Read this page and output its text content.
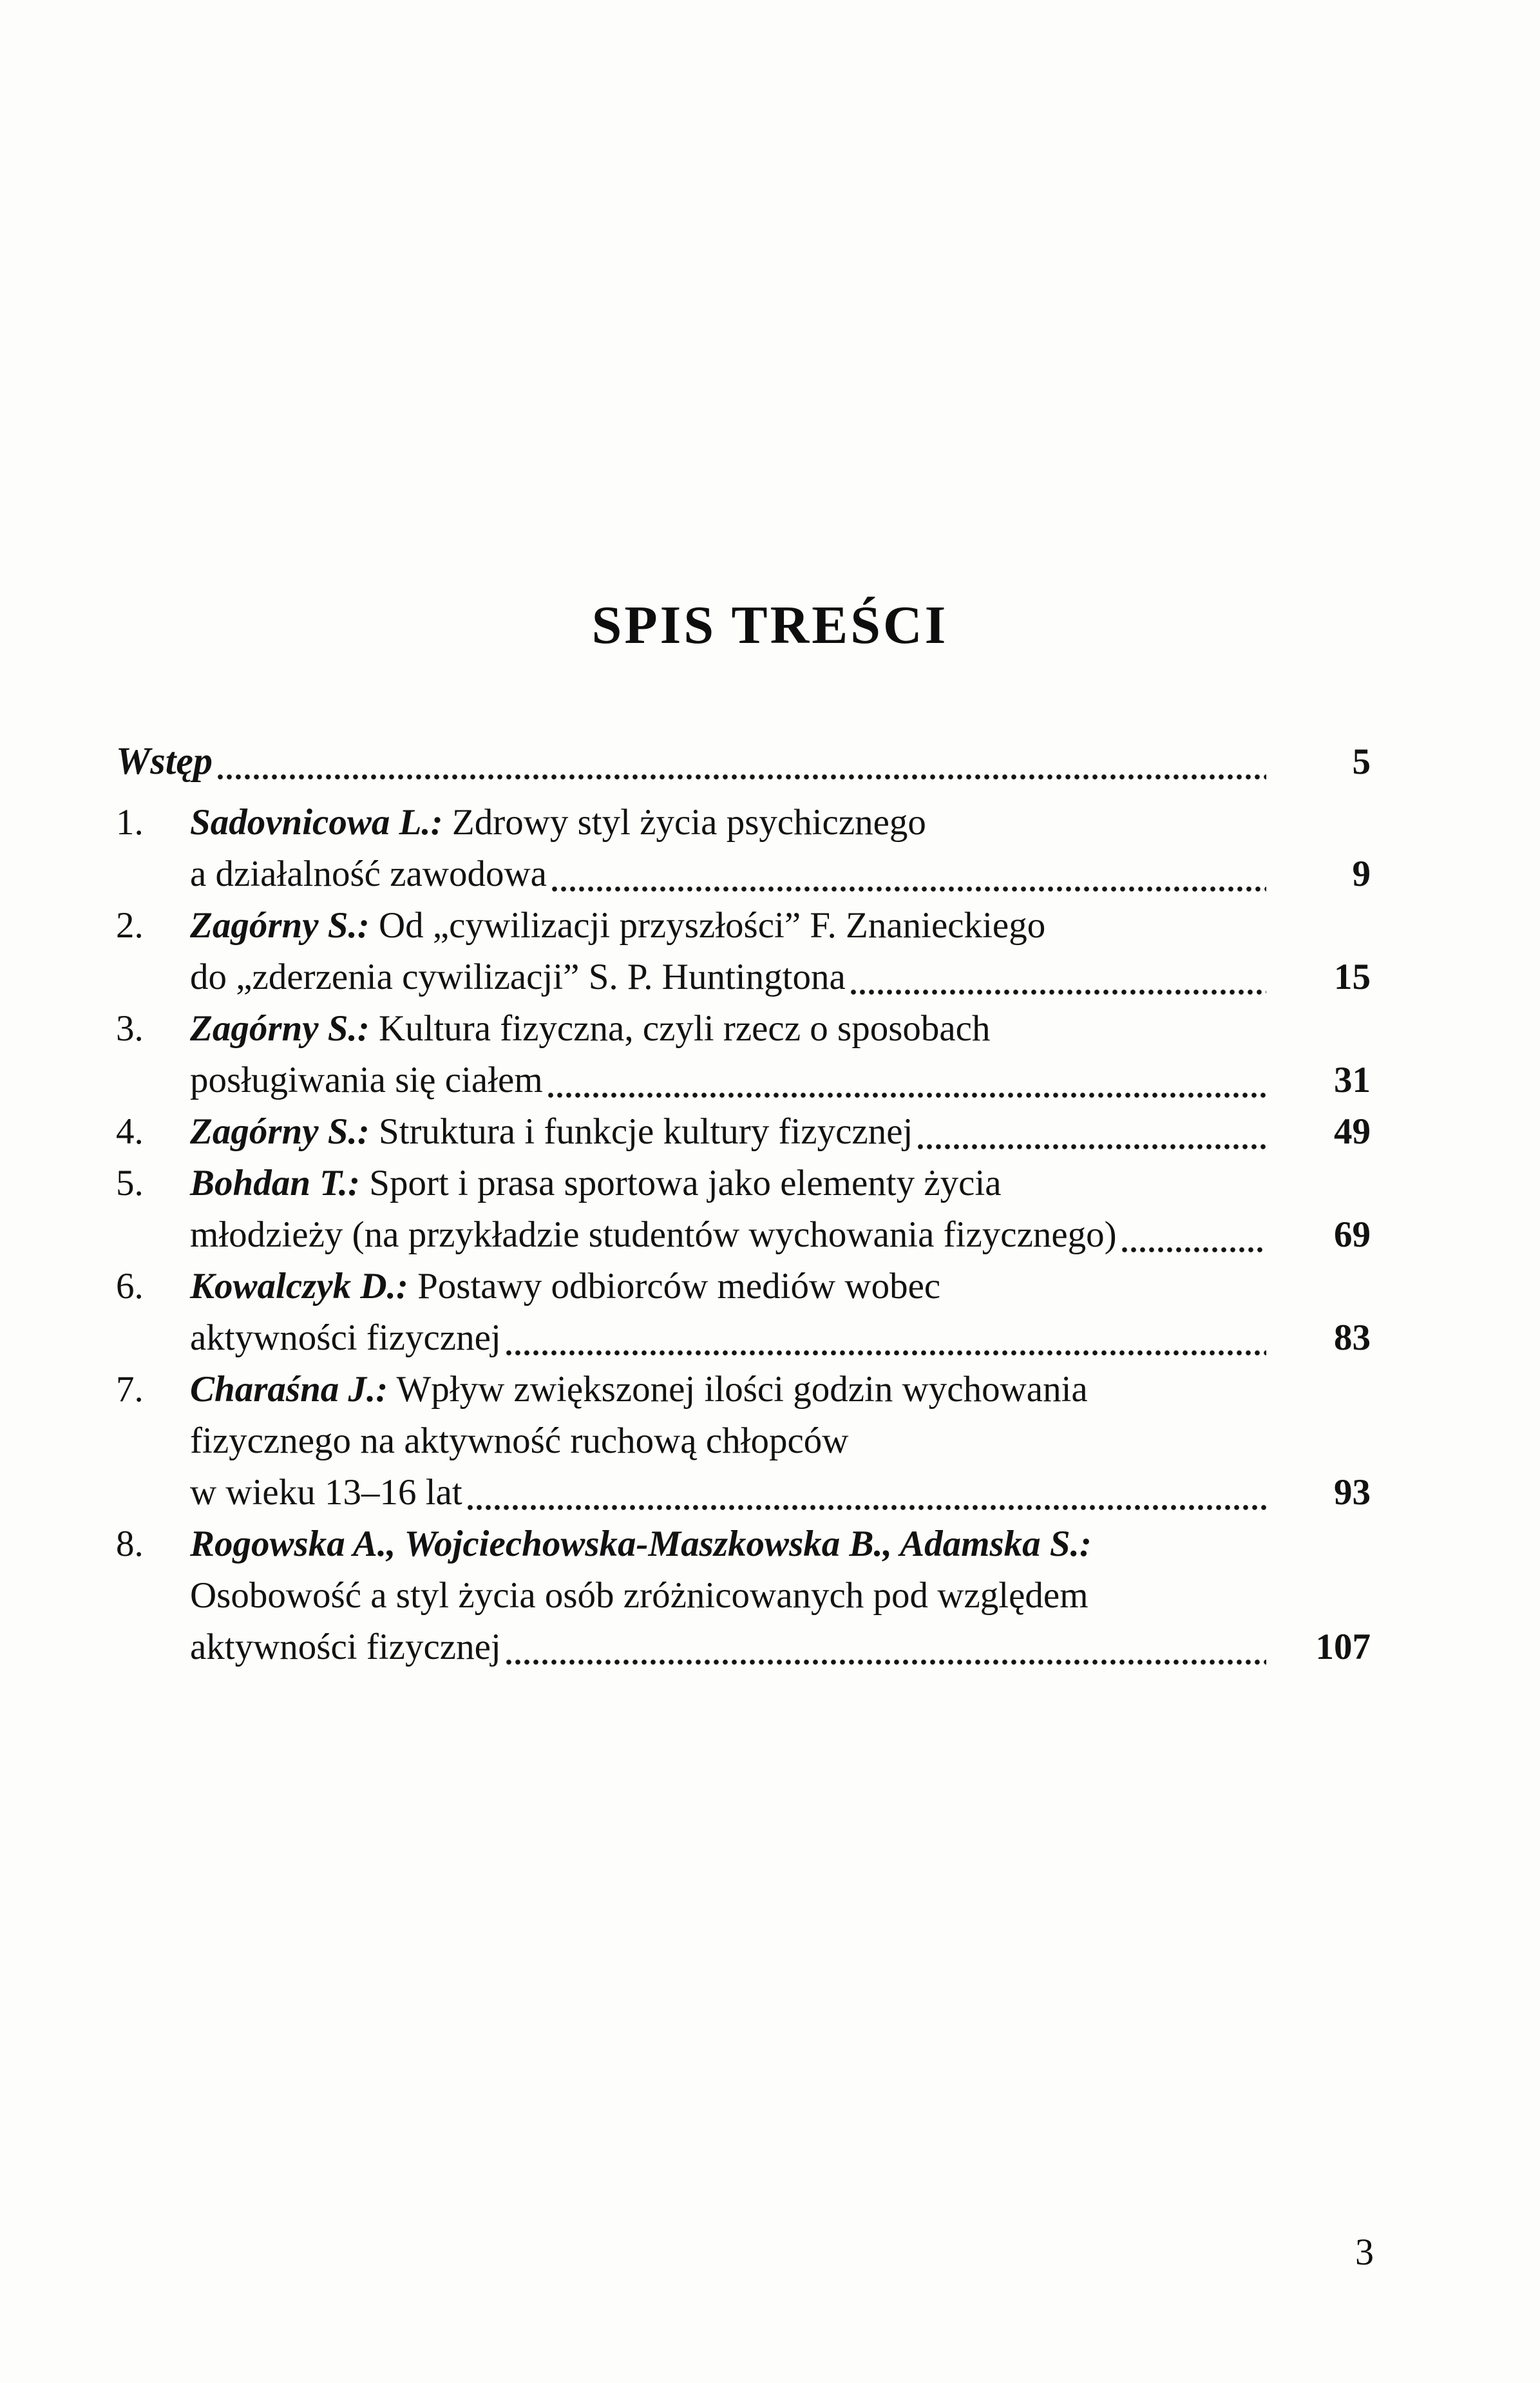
SPIS TREŚCI
Wstęp	5
1.	Sadovnicowa L.: Zdrowy styl życia psychicznego
a działalność zawodowa	9
2.	Zagórny S.: Od „cywilizacji przyszłości” F. Znanieckiego
do „zderzenia cywilizacji” S. P. Huntingtona	15
3.	Zagórny S.: Kultura fizyczna, czyli rzecz o sposobach
posługiwania się ciałem	31
4.	Zagórny S.: Struktura i funkcje kultury fizycznej	49
5.	Bohdan T.: Sport i prasa sportowa jako elementy życia
młodzieży (na przykładzie studentów wychowania fizycznego)	69
6.	Kowalczyk D.: Postawy odbiorców mediów wobec
aktywności fizycznej	83
7.	Charaśna J.: Wpływ zwiększonej ilości godzin wychowania
fizycznego na aktywność ruchową chłopców
w wieku 13–16 lat	93
8.	Rogowska A., Wojciechowska-Maszkowska B., Adamska S.:
Osobowość a styl życia osób zróżnicowanych pod względem
aktywności fizycznej	107
3
